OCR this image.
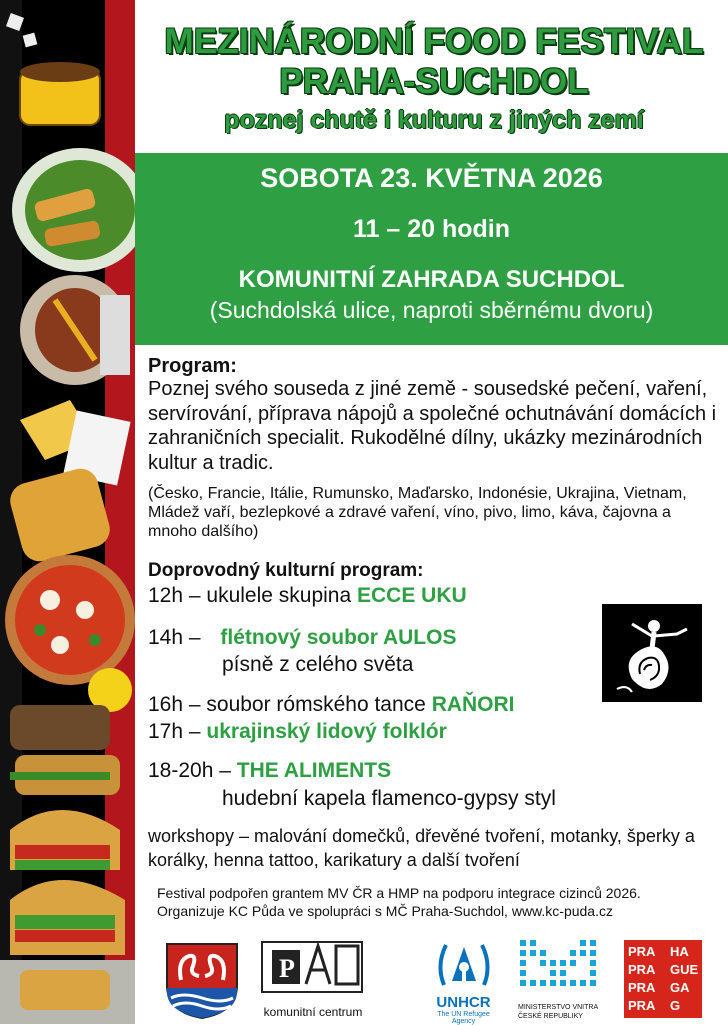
MEZINÁRODNÍ FOOD FESTIVAL
PRAHA-SUCHDOL
poznej chutě i kulturu z jiných zemí
SOBOTA 23. KVĚTNA 2026
11 – 20 hodin
KOMUNITNÍ ZAHRADA SUCHDOL
(Suchdolská ulice, naproti sběrnému dvoru)
Program:
Poznej svého souseda z jiné země - sousedské pečení, vaření, servírování, příprava nápojů a společné ochutnávání domácích i zahraničních specialit. Rukodělné dílny, ukázky mezinárodních kultur a tradic.
(Česko, Francie, Itálie, Rumunsko, Maďarsko, Indonésie, Ukrajina, Vietnam, Mládež vaří, bezlepkové a zdravé vaření, víno, pivo, limo, káva, čajovna a mnoho dalšího)
Doprovodný kulturní program:
12h – ukulele skupina ECCE UKU
14h – flétnový soubor AULOS
písně z celého světa
16h – soubor rómského tance RAŇORI
17h – ukrajinský lidový folklór
18-20h – THE ALIMENTS
hudební kapela flamenco-gypsy styl
workshopy – malování domečků, dřevěné tvoření, motanky, šperky a korálky, henna tattoo, karikatury a další tvoření
Festival podpořen grantem MV ČR a HMP na podporu integrace cizinců 2026.
Organizuje KC Půda ve spolupráci s MČ Praha-Suchdol, www.kc-puda.cz
P
komunitní centrum
UNHCR
The UN Refugee Agency
MINISTERSTVO VNITRA
ČESKÉ REPUBLIKY
PRA	HA
PRA	GUE
PRA	GA
PRA	G
